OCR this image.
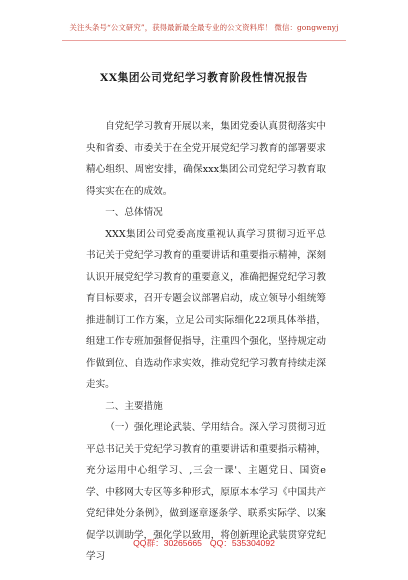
关注头条号“公文研究”，获得最新最全最专业的公文资料库！ 微信：gongwenyj
XX集团公司党纪学习教育阶段性情况报告

自党纪学习教育开展以来，集团党委认真贯彻落实中央和省委、市委关于在全党开展党纪学习教育的部署要求精心组织、周密安排，确保xxx集团公司党纪学习教育取得实实在在的成效。

一、总体情况

XXX集团公司党委高度重视认真学习贯彻习近平总书记关于党纪学习教育的重要讲话和重要指示精神，深刻认识开展党纪学习教育的重要意义，准确把握党纪学习教育目标要求，召开专题会议部署启动，成立领导小组统筹推进制订工作方案，立足公司实际细化22项具体举措，组建工作专班加强督促指导，注重四个强化，坚持规定动作做到位、自选动作求实效，推动党纪学习教育持续走深走实。

二、主要措施

（一）强化理论武装、学用结合。深入学习贯彻习近平总书记关于党纪学习教育的重要讲话和重要指示精神，充分运用中心组学习、,三会一课'、主题党日、国资e学、中移网大专区等多种形式，原原本本学习《中国共产党纪律处分条例》，做到逐章逐条学、联系实际学、以案促学以训助学，强化学以致用，将创新理论武装贯穿党纪学习

QQ群：30265665 QQ：535304092
